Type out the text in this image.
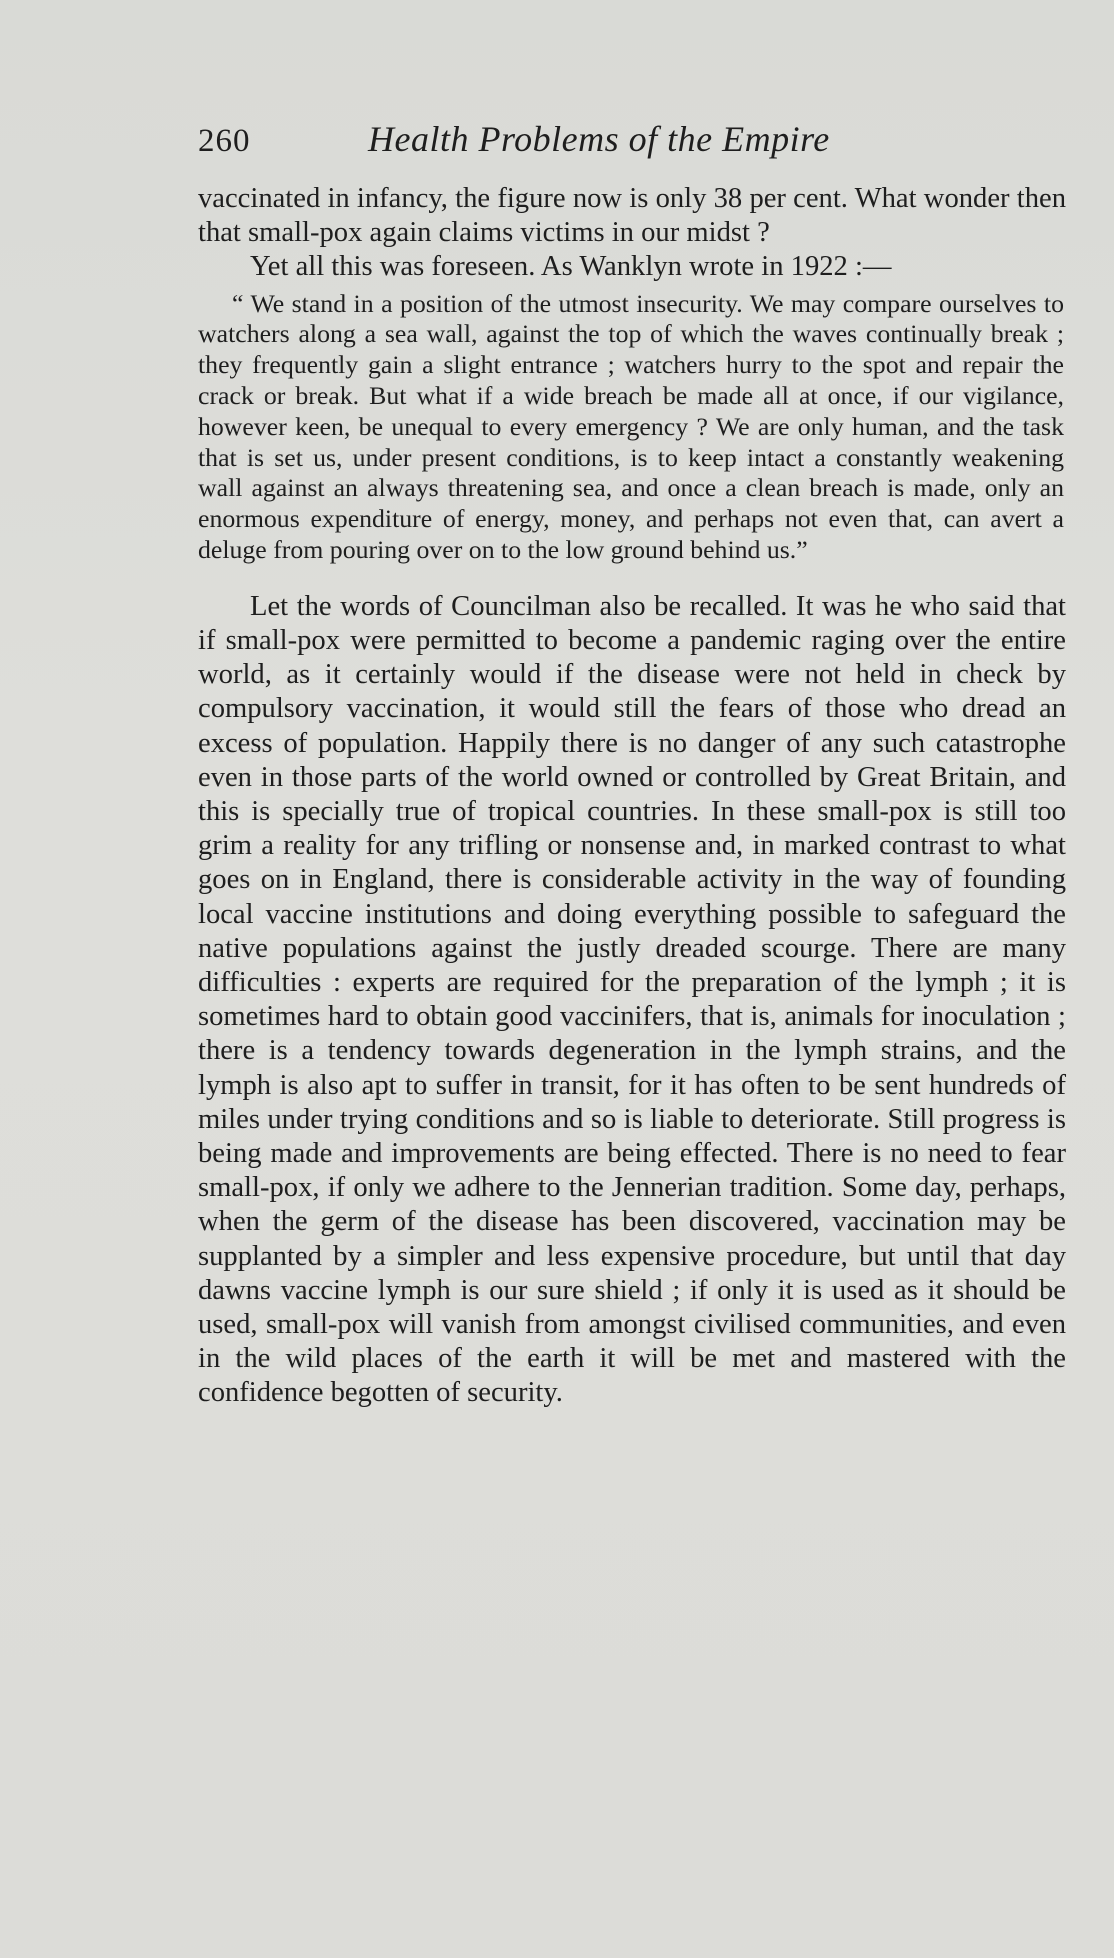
260	Health Problems of the Empire

vaccinated in infancy, the figure now is only 38 per cent. What wonder then that small-pox again claims victims in our midst ?

Yet all this was foreseen. As Wanklyn wrote in 1922 :—

“ We stand in a position of the utmost insecurity. We may compare ourselves to watchers along a sea wall, against the top of which the waves continually break ; they frequently gain a slight entrance ; watchers hurry to the spot and repair the crack or break. But what if a wide breach be made all at once, if our vigilance, however keen, be unequal to every emergency ? We are only human, and the task that is set us, under present conditions, is to keep intact a constantly weakening wall against an always threatening sea, and once a clean breach is made, only an enormous expenditure of energy, money, and perhaps not even that, can avert a deluge from pouring over on to the low ground behind us.”

Let the words of Councilman also be recalled. It was he who said that if small-pox were permitted to become a pandemic raging over the entire world, as it certainly would if the disease were not held in check by compulsory vaccination, it would still the fears of those who dread an excess of population. Happily there is no danger of any such catastrophe even in those parts of the world owned or controlled by Great Britain, and this is specially true of tropical countries. In these small-pox is still too grim a reality for any trifling or nonsense and, in marked contrast to what goes on in England, there is considerable activity in the way of founding local vaccine institutions and doing everything possible to safeguard the native populations against the justly dreaded scourge. There are many difficulties : experts are required for the preparation of the lymph ; it is sometimes hard to obtain good vaccinifers, that is, animals for inoculation ; there is a tendency towards degeneration in the lymph strains, and the lymph is also apt to suffer in transit, for it has often to be sent hundreds of miles under trying conditions and so is liable to deteriorate. Still progress is being made and improvements are being effected. There is no need to fear small-pox, if only we adhere to the Jennerian tradition. Some day, perhaps, when the germ of the disease has been discovered, vaccination may be supplanted by a simpler and less expensive procedure, but until that day dawns vaccine lymph is our sure shield ; if only it is used as it should be used, small-pox will vanish from amongst civilised communities, and even in the wild places of the earth it will be met and mastered with the confidence begotten of security.
